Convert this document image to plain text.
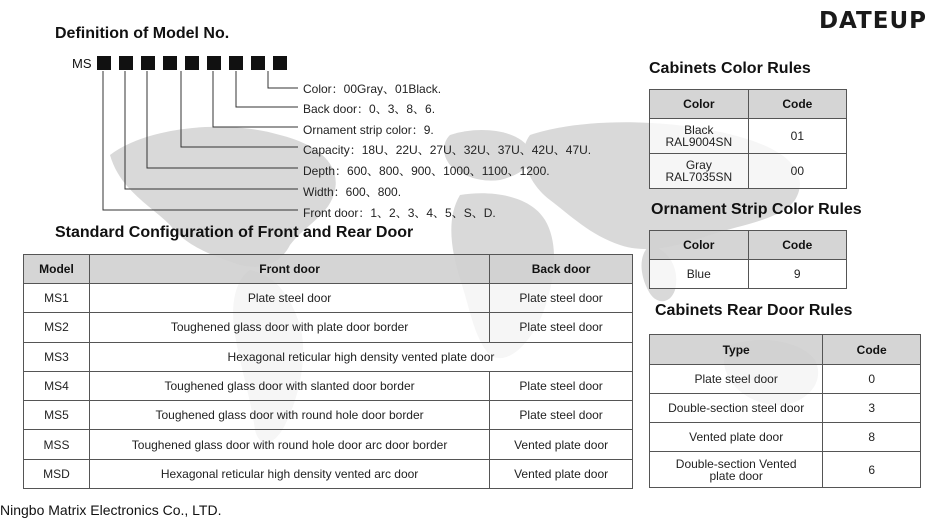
DATEUP
Definition of Model No.
MS
Color：00Gray、01Black.
Back door：0、3、8、6.
Ornament strip color：9.
Capacity：18U、22U、27U、32U、37U、42U、47U.
Depth：600、800、900、1000、1100、1200.
Width：600、800.
Front door：1、2、3、4、5、S、D.
Standard Configuration of Front and Rear Door
Model	Front door	Back door
MS1	Plate steel door	Plate steel door
MS2	Toughened glass door with plate door border	Plate steel door
MS3	Hexagonal reticular high density vented plate door	
MS4	Toughened glass door with slanted door border	Plate steel door
MS5	Toughened glass door with round hole door border	Plate steel door
MSS	Toughened glass door with round hole door arc door border	Vented plate door
MSD	Hexagonal reticular high density vented arc door	Vented plate door
Cabinets Color Rules
Color	Code
Black
RAL9004SN	01
Gray
RAL7035SN	00
Ornament Strip Color Rules
Color	Code
Blue	9
Cabinets Rear Door Rules
Type	Code
Plate steel door	0
Double-section steel door	3
Vented plate door	8
Double-section Vented
plate door	6
Ningbo Matrix Electronics Co., LTD.
